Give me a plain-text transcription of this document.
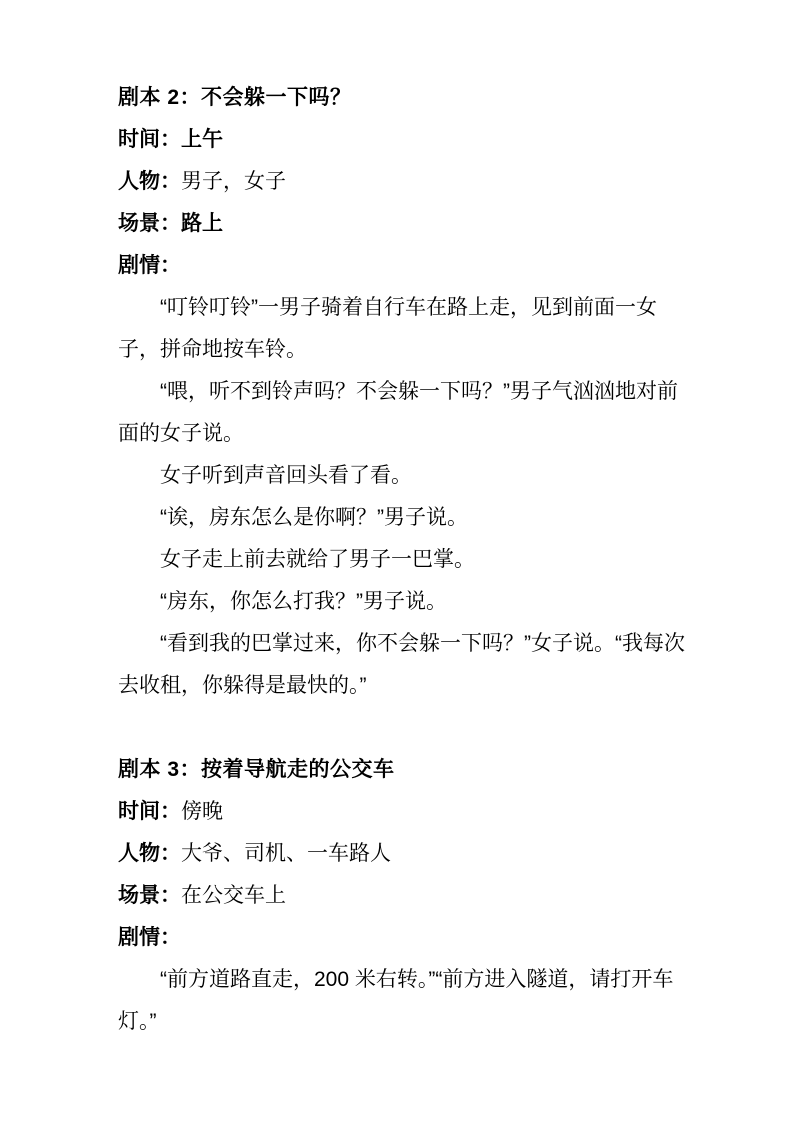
剧本 2：不会躲一下吗？

时间：上午

人物：男子，女子

场景：路上

剧情：

“叮铃叮铃”一男子骑着自行车在路上走，见到前面一女子，拼命地按车铃。

“喂，听不到铃声吗？不会躲一下吗？”男子气汹汹地对前面的女子说。

女子听到声音回头看了看。

“诶，房东怎么是你啊？”男子说。

女子走上前去就给了男子一巴掌。

“房东，你怎么打我？”男子说。

“看到我的巴掌过来，你不会躲一下吗？”女子说。“我每次去收租，你躲得是最快的。”

剧本 3：按着导航走的公交车

时间：傍晚

人物：大爷、司机、一车路人

场景：在公交车上

剧情：

“前方道路直走，200 米右转。”“前方进入隧道，请打开车灯。”
